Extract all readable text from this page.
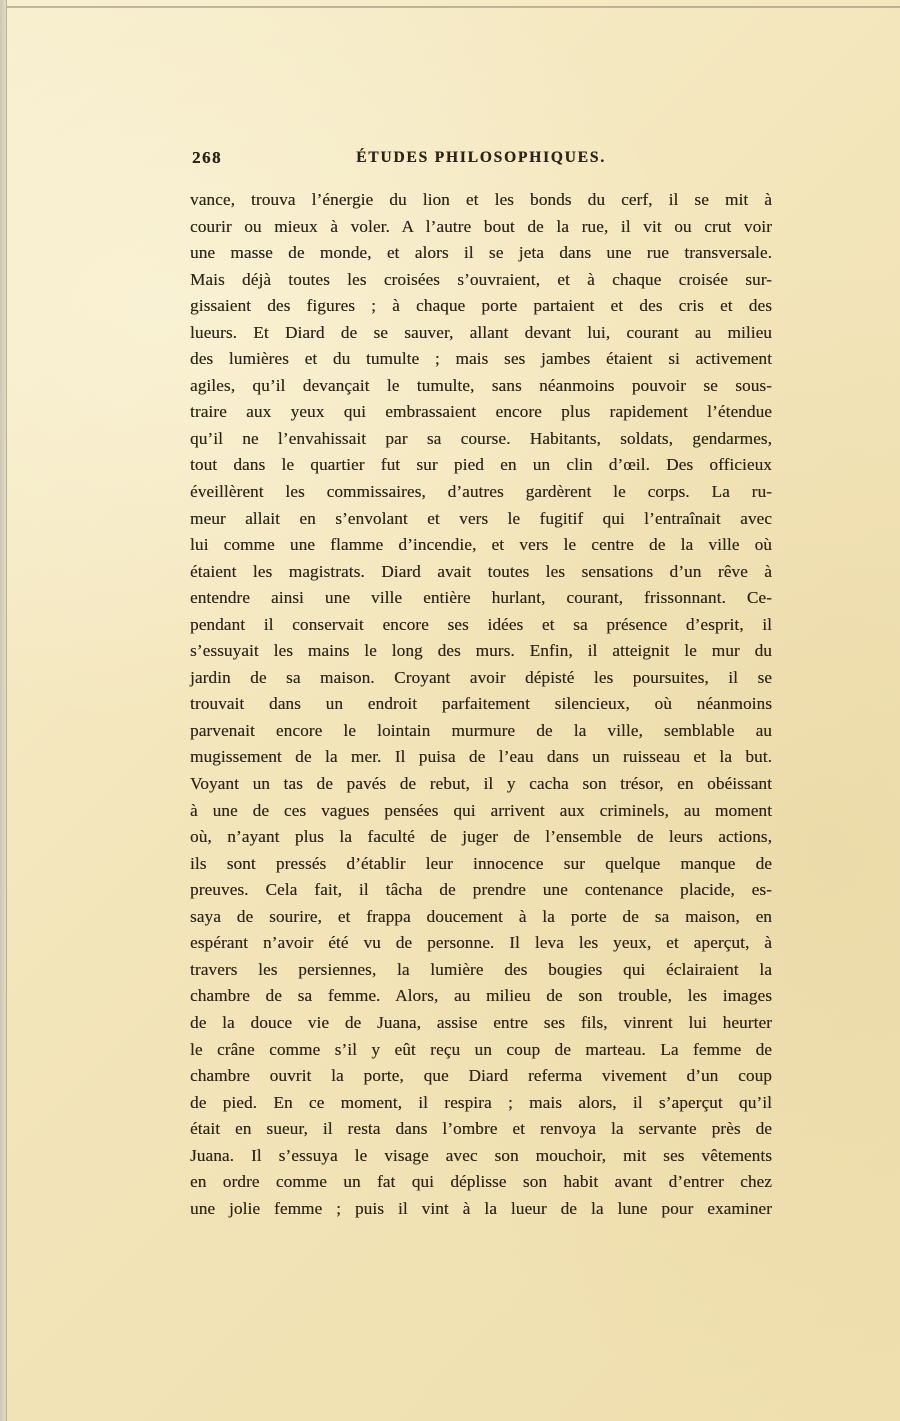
268	ÉTUDES PHILOSOPHIQUES.
vance, trouva l’énergie du lion et les bonds du cerf, il se mit à
courir ou mieux à voler. A l’autre bout de la rue, il vit ou crut voir
une masse de monde, et alors il se jeta dans une rue transversale.
Mais déjà toutes les croisées s’ouvraient, et à chaque croisée sur-
gissaient des figures ; à chaque porte partaient et des cris et des
lueurs. Et Diard de se sauver, allant devant lui, courant au milieu
des lumières et du tumulte ; mais ses jambes étaient si activement
agiles, qu’il devançait le tumulte, sans néanmoins pouvoir se sous-
traire aux yeux qui embrassaient encore plus rapidement l’étendue
qu’il ne l’envahissait par sa course. Habitants, soldats, gendarmes,
tout dans le quartier fut sur pied en un clin d’œil. Des officieux
éveillèrent les commissaires, d’autres gardèrent le corps. La ru-
meur allait en s’envolant et vers le fugitif qui l’entraînait avec
lui comme une flamme d’incendie, et vers le centre de la ville où
étaient les magistrats. Diard avait toutes les sensations d’un rêve à
entendre ainsi une ville entière hurlant, courant, frissonnant. Ce-
pendant il conservait encore ses idées et sa présence d’esprit, il
s’essuyait les mains le long des murs. Enfin, il atteignit le mur du
jardin de sa maison. Croyant avoir dépisté les poursuites, il se
trouvait dans un endroit parfaitement silencieux, où néanmoins
parvenait encore le lointain murmure de la ville, semblable au
mugissement de la mer. Il puisa de l’eau dans un ruisseau et la but.
Voyant un tas de pavés de rebut, il y cacha son trésor, en obéissant
à une de ces vagues pensées qui arrivent aux criminels, au moment
où, n’ayant plus la faculté de juger de l’ensemble de leurs actions,
ils sont pressés d’établir leur innocence sur quelque manque de
preuves. Cela fait, il tâcha de prendre une contenance placide, es-
saya de sourire, et frappa doucement à la porte de sa maison, en
espérant n’avoir été vu de personne. Il leva les yeux, et aperçut, à
travers les persiennes, la lumière des bougies qui éclairaient la
chambre de sa femme. Alors, au milieu de son trouble, les images
de la douce vie de Juana, assise entre ses fils, vinrent lui heurter
le crâne comme s’il y eût reçu un coup de marteau. La femme de
chambre ouvrit la porte, que Diard referma vivement d’un coup
de pied. En ce moment, il respira ; mais alors, il s’aperçut qu’il
était en sueur, il resta dans l’ombre et renvoya la servante près de
Juana. Il s’essuya le visage avec son mouchoir, mit ses vêtements
en ordre comme un fat qui déplisse son habit avant d’entrer chez
une jolie femme ; puis il vint à la lueur de la lune pour examiner
